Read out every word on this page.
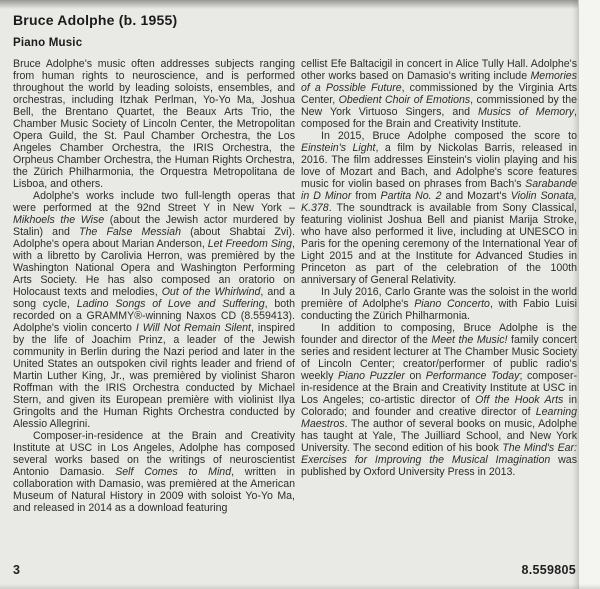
Bruce Adolphe (b. 1955)
Piano Music

Bruce Adolphe's music often addresses subjects ranging from human rights to neuroscience, and is performed throughout the world by leading soloists, ensembles, and orchestras, including Itzhak Perlman, Yo-Yo Ma, Joshua Bell, the Brentano Quartet, the Beaux Arts Trio, the Chamber Music Society of Lincoln Center, the Metropolitan Opera Guild, the St. Paul Chamber Orchestra, the Los Angeles Chamber Orchestra, the IRIS Orchestra, the Orpheus Chamber Orchestra, the Human Rights Orchestra, the Zürich Philharmonia, the Orquestra Metropolitana de Lisboa, and others.

Adolphe's works include two full-length operas that were performed at the 92nd Street Y in New York – Mikhoels the Wise (about the Jewish actor murdered by Stalin) and The False Messiah (about Shabtai Zvi). Adolphe's opera about Marian Anderson, Let Freedom Sing, with a libretto by Carolivia Herron, was premièred by the Washington National Opera and Washington Performing Arts Society. He has also composed an oratorio on Holocaust texts and melodies, Out of the Whirlwind, and a song cycle, Ladino Songs of Love and Suffering, both recorded on a GRAMMY®-winning Naxos CD (8.559413). Adolphe's violin concerto I Will Not Remain Silent, inspired by the life of Joachim Prinz, a leader of the Jewish community in Berlin during the Nazi period and later in the United States an outspoken civil rights leader and friend of Martin Luther King, Jr., was premièred by violinist Sharon Roffman with the IRIS Orchestra conducted by Michael Stern, and given its European première with violinist Ilya Gringolts and the Human Rights Orchestra conducted by Alessio Allegrini.

Composer-in-residence at the Brain and Creativity Institute at USC in Los Angeles, Adolphe has composed several works based on the writings of neuroscientist Antonio Damasio. Self Comes to Mind, written in collaboration with Damasio, was premièred at the American Museum of Natural History in 2009 with soloist Yo-Yo Ma, and released in 2014 as a download featuring

cellist Efe Baltacigil in concert in Alice Tully Hall. Adolphe's other works based on Damasio's writing include Memories of a Possible Future, commissioned by the Virginia Arts Center, Obedient Choir of Emotions, commissioned by the New York Virtuoso Singers, and Musics of Memory, composed for the Brain and Creativity Institute.

In 2015, Bruce Adolphe composed the score to Einstein's Light, a film by Nickolas Barris, released in 2016. The film addresses Einstein's violin playing and his love of Mozart and Bach, and Adolphe's score features music for violin based on phrases from Bach's Sarabande in D Minor from Partita No. 2 and Mozart's Violin Sonata, K.378. The soundtrack is available from Sony Classical, featuring violinist Joshua Bell and pianist Marija Stroke, who have also performed it live, including at UNESCO in Paris for the opening ceremony of the International Year of Light 2015 and at the Institute for Advanced Studies in Princeton as part of the celebration of the 100th anniversary of General Relativity.

In July 2016, Carlo Grante was the soloist in the world première of Adolphe's Piano Concerto, with Fabio Luisi conducting the Zürich Philharmonia.

In addition to composing, Bruce Adolphe is the founder and director of the Meet the Music! family concert series and resident lecturer at The Chamber Music Society of Lincoln Center; creator/performer of public radio's weekly Piano Puzzler on Performance Today; composer-in-residence at the Brain and Creativity Institute at USC in Los Angeles; co-artistic director of Off the Hook Arts in Colorado; and founder and creative director of Learning Maestros. The author of several books on music, Adolphe has taught at Yale, The Juilliard School, and New York University. The second edition of his book The Mind's Ear: Exercises for Improving the Musical Imagination was published by Oxford University Press in 2013.

3	8.559805
